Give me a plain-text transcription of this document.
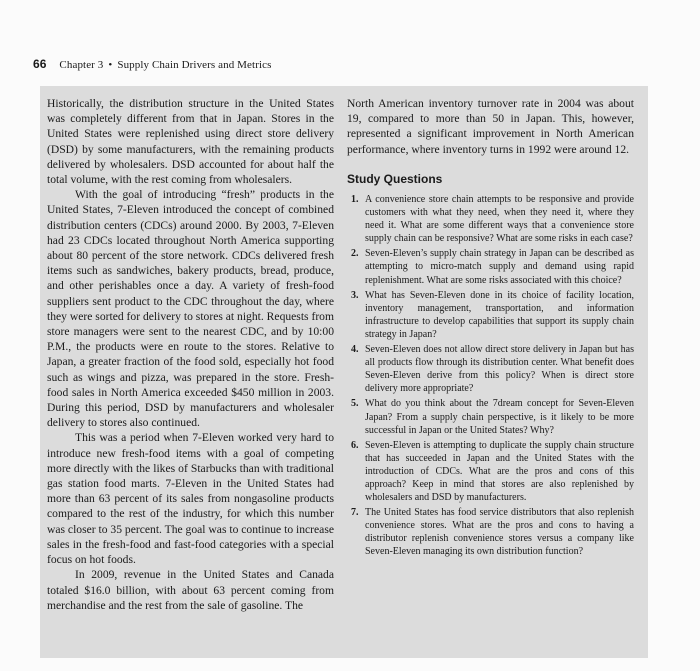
66 Chapter 3 • Supply Chain Drivers and Metrics

Historically, the distribution structure in the United States was completely different from that in Japan. Stores in the United States were replenished using direct store delivery (DSD) by some manufacturers, with the remaining products delivered by wholesalers. DSD accounted for about half the total volume, with the rest coming from wholesalers.

With the goal of introducing “fresh” products in the United States, 7-Eleven introduced the concept of combined distribution centers (CDCs) around 2000. By 2003, 7-Eleven had 23 CDCs located throughout North America supporting about 80 percent of the store network. CDCs delivered fresh items such as sandwiches, bakery products, bread, produce, and other perishables once a day. A variety of fresh-food suppliers sent product to the CDC throughout the day, where they were sorted for delivery to stores at night. Requests from store managers were sent to the nearest CDC, and by 10:00 P.M., the products were en route to the stores. Relative to Japan, a greater fraction of the food sold, especially hot food such as wings and pizza, was prepared in the store. Fresh-food sales in North America exceeded $450 million in 2003. During this period, DSD by manufacturers and wholesaler delivery to stores also continued.

This was a period when 7-Eleven worked very hard to introduce new fresh-food items with a goal of competing more directly with the likes of Starbucks than with traditional gas station food marts. 7-Eleven in the United States had more than 63 percent of its sales from nongasoline products compared to the rest of the industry, for which this number was closer to 35 percent. The goal was to continue to increase sales in the fresh-food and fast-food categories with a special focus on hot foods.

In 2009, revenue in the United States and Canada totaled $16.0 billion, with about 63 percent coming from merchandise and the rest from the sale of gasoline. The

North American inventory turnover rate in 2004 was about 19, compared to more than 50 in Japan. This, however, represented a significant improvement in North American performance, where inventory turns in 1992 were around 12.

Study Questions
1. A convenience store chain attempts to be responsive and provide customers with what they need, when they need it, where they need it. What are some different ways that a convenience store supply chain can be responsive? What are some risks in each case?
2. Seven-Eleven’s supply chain strategy in Japan can be described as attempting to micro-match supply and demand using rapid replenishment. What are some risks associated with this choice?
3. What has Seven-Eleven done in its choice of facility location, inventory management, transportation, and information infrastructure to develop capabilities that support its supply chain strategy in Japan?
4. Seven-Eleven does not allow direct store delivery in Japan but has all products flow through its distribution center. What benefit does Seven-Eleven derive from this policy? When is direct store delivery more appropriate?
5. What do you think about the 7dream concept for Seven-Eleven Japan? From a supply chain perspective, is it likely to be more successful in Japan or the United States? Why?
6. Seven-Eleven is attempting to duplicate the supply chain structure that has succeeded in Japan and the United States with the introduction of CDCs. What are the pros and cons of this approach? Keep in mind that stores are also replenished by wholesalers and DSD by manufacturers.
7. The United States has food service distributors that also replenish convenience stores. What are the pros and cons to having a distributor replenish convenience stores versus a company like Seven-Eleven managing its own distribution function?
